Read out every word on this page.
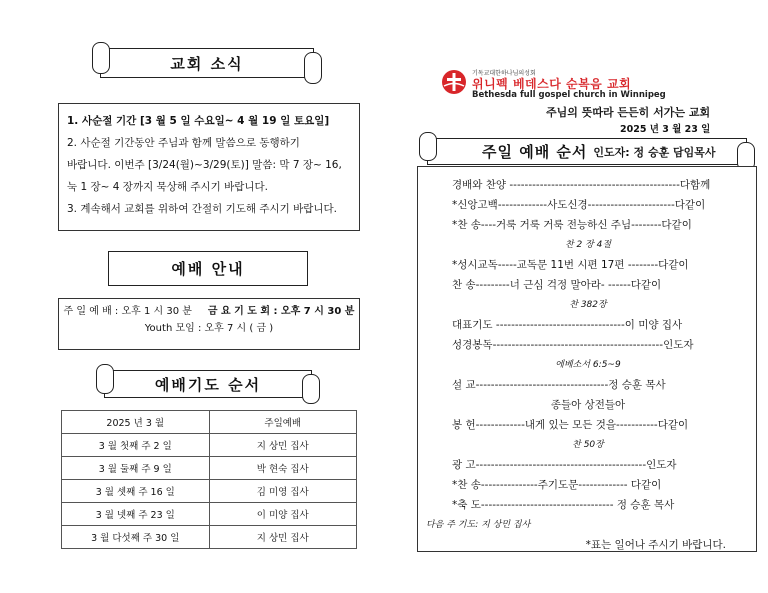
교회 소식

1. 사순절 기간 [3 월 5 일 수요일~ 4 월 19 일 토요일]

2. 사순절 기간동안 주님과 함께 말씀으로 동행하기

바랍니다. 이번주 [3/24(월)~3/29(토)] 말씀: 막 7 장~ 16,

눅 1 장~ 4 장까지 묵상해 주시기 바랍니다.

3. 계속해서 교회를 위하여 간절히 기도해 주시기 바랍니다.

예배 안내
주 일 예 배 : 오후 1 시 30 분 금 요 기 도 회 : 오후 7 시 30 분
Youth 모임 : 오후 7 시 ( 금 )
예배기도 순서
2025 년 3 월	주일예배
3 월 첫째 주 2 일	지 상민 집사
3 월 둘째 주 9 일	박 현숙 집사
3 월 셋째 주 16 일	김 미영 집사
3 월 넷째 주 23 일	이 미양 집사
3 월 다섯째 주 30 일	지 상민 집사
기독교대한하나님의성회
위니펙 베데스다 순복음 교회
Bethesda full gospel church in Winnipeg
주님의 뜻따라 든든히 서가는 교회
2025 년 3 월 23 일
주일 예배 순서 인도자: 정 승훈 담임목사
경배와 찬양 ---------------------------------------------다함께
*신앙고백-------------사도신경-----------------------다같이
*찬 송----거룩 거룩 거룩 전능하신 주님--------다같이
찬 2 장 4절
*성시교독-----교독문 11번 시편 17편 --------다같이
찬 송---------너 근심 걱정 말아라- ------다같이
찬 382장
대표기도 ----------------------------------이 미양 집사
성경봉독---------------------------------------------인도자
에베소서 6:5~9
설 교-----------------------------------정 승훈 목사
종들아 상전들아
봉 헌-------------내게 있는 모든 것을-----------다같이
찬 50장
광 고---------------------------------------------인도자
*찬 송---------------주기도문------------- 다같이
*축 도----------------------------------- 정 승훈 목사
다음 주 기도: 지 상민 집사
*표는 일어나 주시기 바랍니다.
